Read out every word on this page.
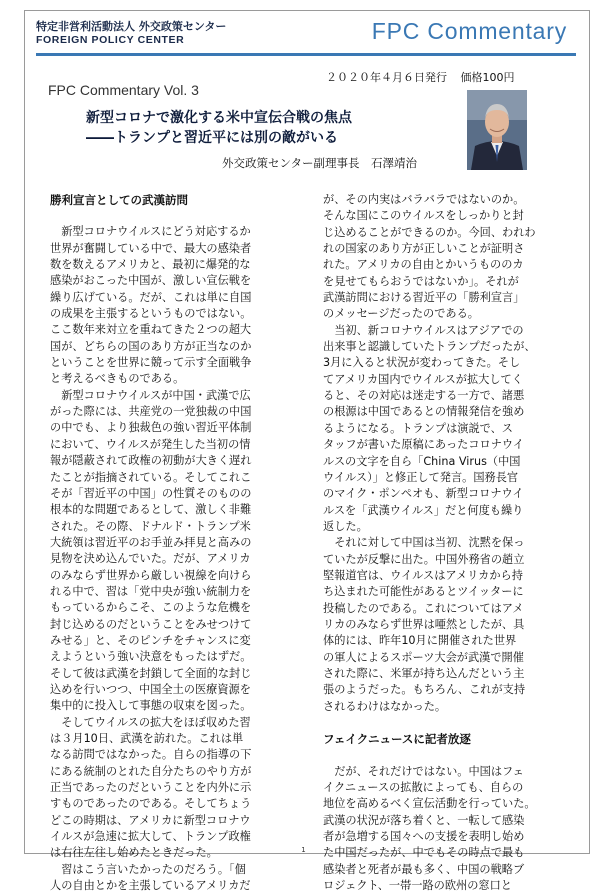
特定非営利活動法人 外交政策センター
FOREIGN POLICY CENTER	FPC Commentary
２０２０年４月６日発行 価格100円
FPC Commentary Vol. 3
新型コロナで激化する米中宣伝合戦の焦点
――トランプと習近平には別の敵がいる
外交政策センター副理事長　石澤靖治
勝利宣言としての武漢訪問
　新型コロナウイルスにどう対応するか
世界が奮闘している中で、最大の感染者
数を数えるアメリカと、最初に爆発的な
感染がおこった中国が、激しい宣伝戦を
繰り広げている。だが、これは単に自国
の成果を主張するというものではない。
ここ数年来対立を重ねてきた２つの超大
国が、どちらの国のあり方が正当なのか
ということを世界に競って示す全面戦争
と考えるべきものである。
　新型コロナウイルスが中国・武漢で広
がった際には、共産党の一党独裁の中国
の中でも、より独裁色の強い習近平体制
において、ウイルスが発生した当初の情
報が隠蔽されて政権の初動が大きく遅れ
たことが指摘されている。そしてこれこ
そが「習近平の中国」の性質そのものの
根本的な問題であるとして、激しく非難
された。その際、ドナルド・トランプ米
大統領は習近平のお手並み拝見と高みの
見物を決め込んでいた。だが、アメリカ
のみならず世界から厳しい視線を向けら
れる中で、習は「党中央が強い統制力を
もっているからこそ、このような危機を
封じ込めるのだということをみせつけて
みせる」と、そのピンチをチャンスに変
えようという強い決意をもったはずだ。
そして彼は武漢を封鎖して全面的な封じ
込めを行いつつ、中国全土の医療資源を
集中的に投入して事態の収束を図った。
　そしてウイルスの拡大をほぼ収めた習
は３月10日、武漢を訪れた。これは単
なる訪問ではなかった。自らの指導の下
にある統制のとれた自分たちのやり方が
正当であったのだということを内外に示
すものであったのである。そしてちょう
どこの時期は、アメリカに新型コロナウ
イルスが急速に拡大して、トランプ政権
は右往左往し始めたときだった。
　習はこう言いたかったのだろう。「個
人の自由とかを主張しているアメリカだ
が、その内実はバラバラではないのか。
そんな国にこのウイルスをしっかりと封
じ込めることができるのか。今回、われわ
れの国家のあり方が正しいことが証明さ
れた。アメリカの自由とかいうもののカ
を見せてもらおうではないか」。それが
武漢訪問における習近平の「勝利宣言」
のメッセージだったのである。
　当初、新コロナウイルスはアジアでの
出来事と認識していたトランプだったが、
3月に入ると状況が変わってきた。そし
てアメリカ国内でウイルスが拡大してく
ると、その対応は迷走する一方で、諸悪
の根源は中国であるとの情報発信を強め
るようになる。トランプは演説で、ス
タッフが書いた原稿にあったコロナウイ
ルスの文字を自ら「China Virus（中国
ウイルス）」と修正して発言。国務長官
のマイク・ポンペオも、新型コロナウイ
ルスを「武漢ウイルス」だと何度も繰り
返した。
　それに対して中国は当初、沈黙を保っ
ていたが反撃に出た。中国外務省の趙立
堅報道官は、ウイルスはアメリカから持
ち込まれた可能性があるとツイッターに
投稿したのである。これについてはアメ
リカのみならず世界は唖然としたが、具
体的には、昨年10月に開催された世界
の軍人によるスポーツ大会が武漢で開催
された際に、米軍が持ち込んだという主
張のようだった。もちろん、これが支持
されるわけはなかった。
フェイクニュースに記者放逐
　だが、それだけではない。中国はフェ
イクニュースの拡散によっても、自らの
地位を高めるべく宣伝活動を行っていた。
武漢の状況が落ち着くと、一転して感染
者が急増する国々への支援を表明し始め
た中国だったが、中でもその時点で最も
感染者と死者が最も多く、中国の戦略ブ
ロジェクト、一帯一路の欧州の窓口と
1
